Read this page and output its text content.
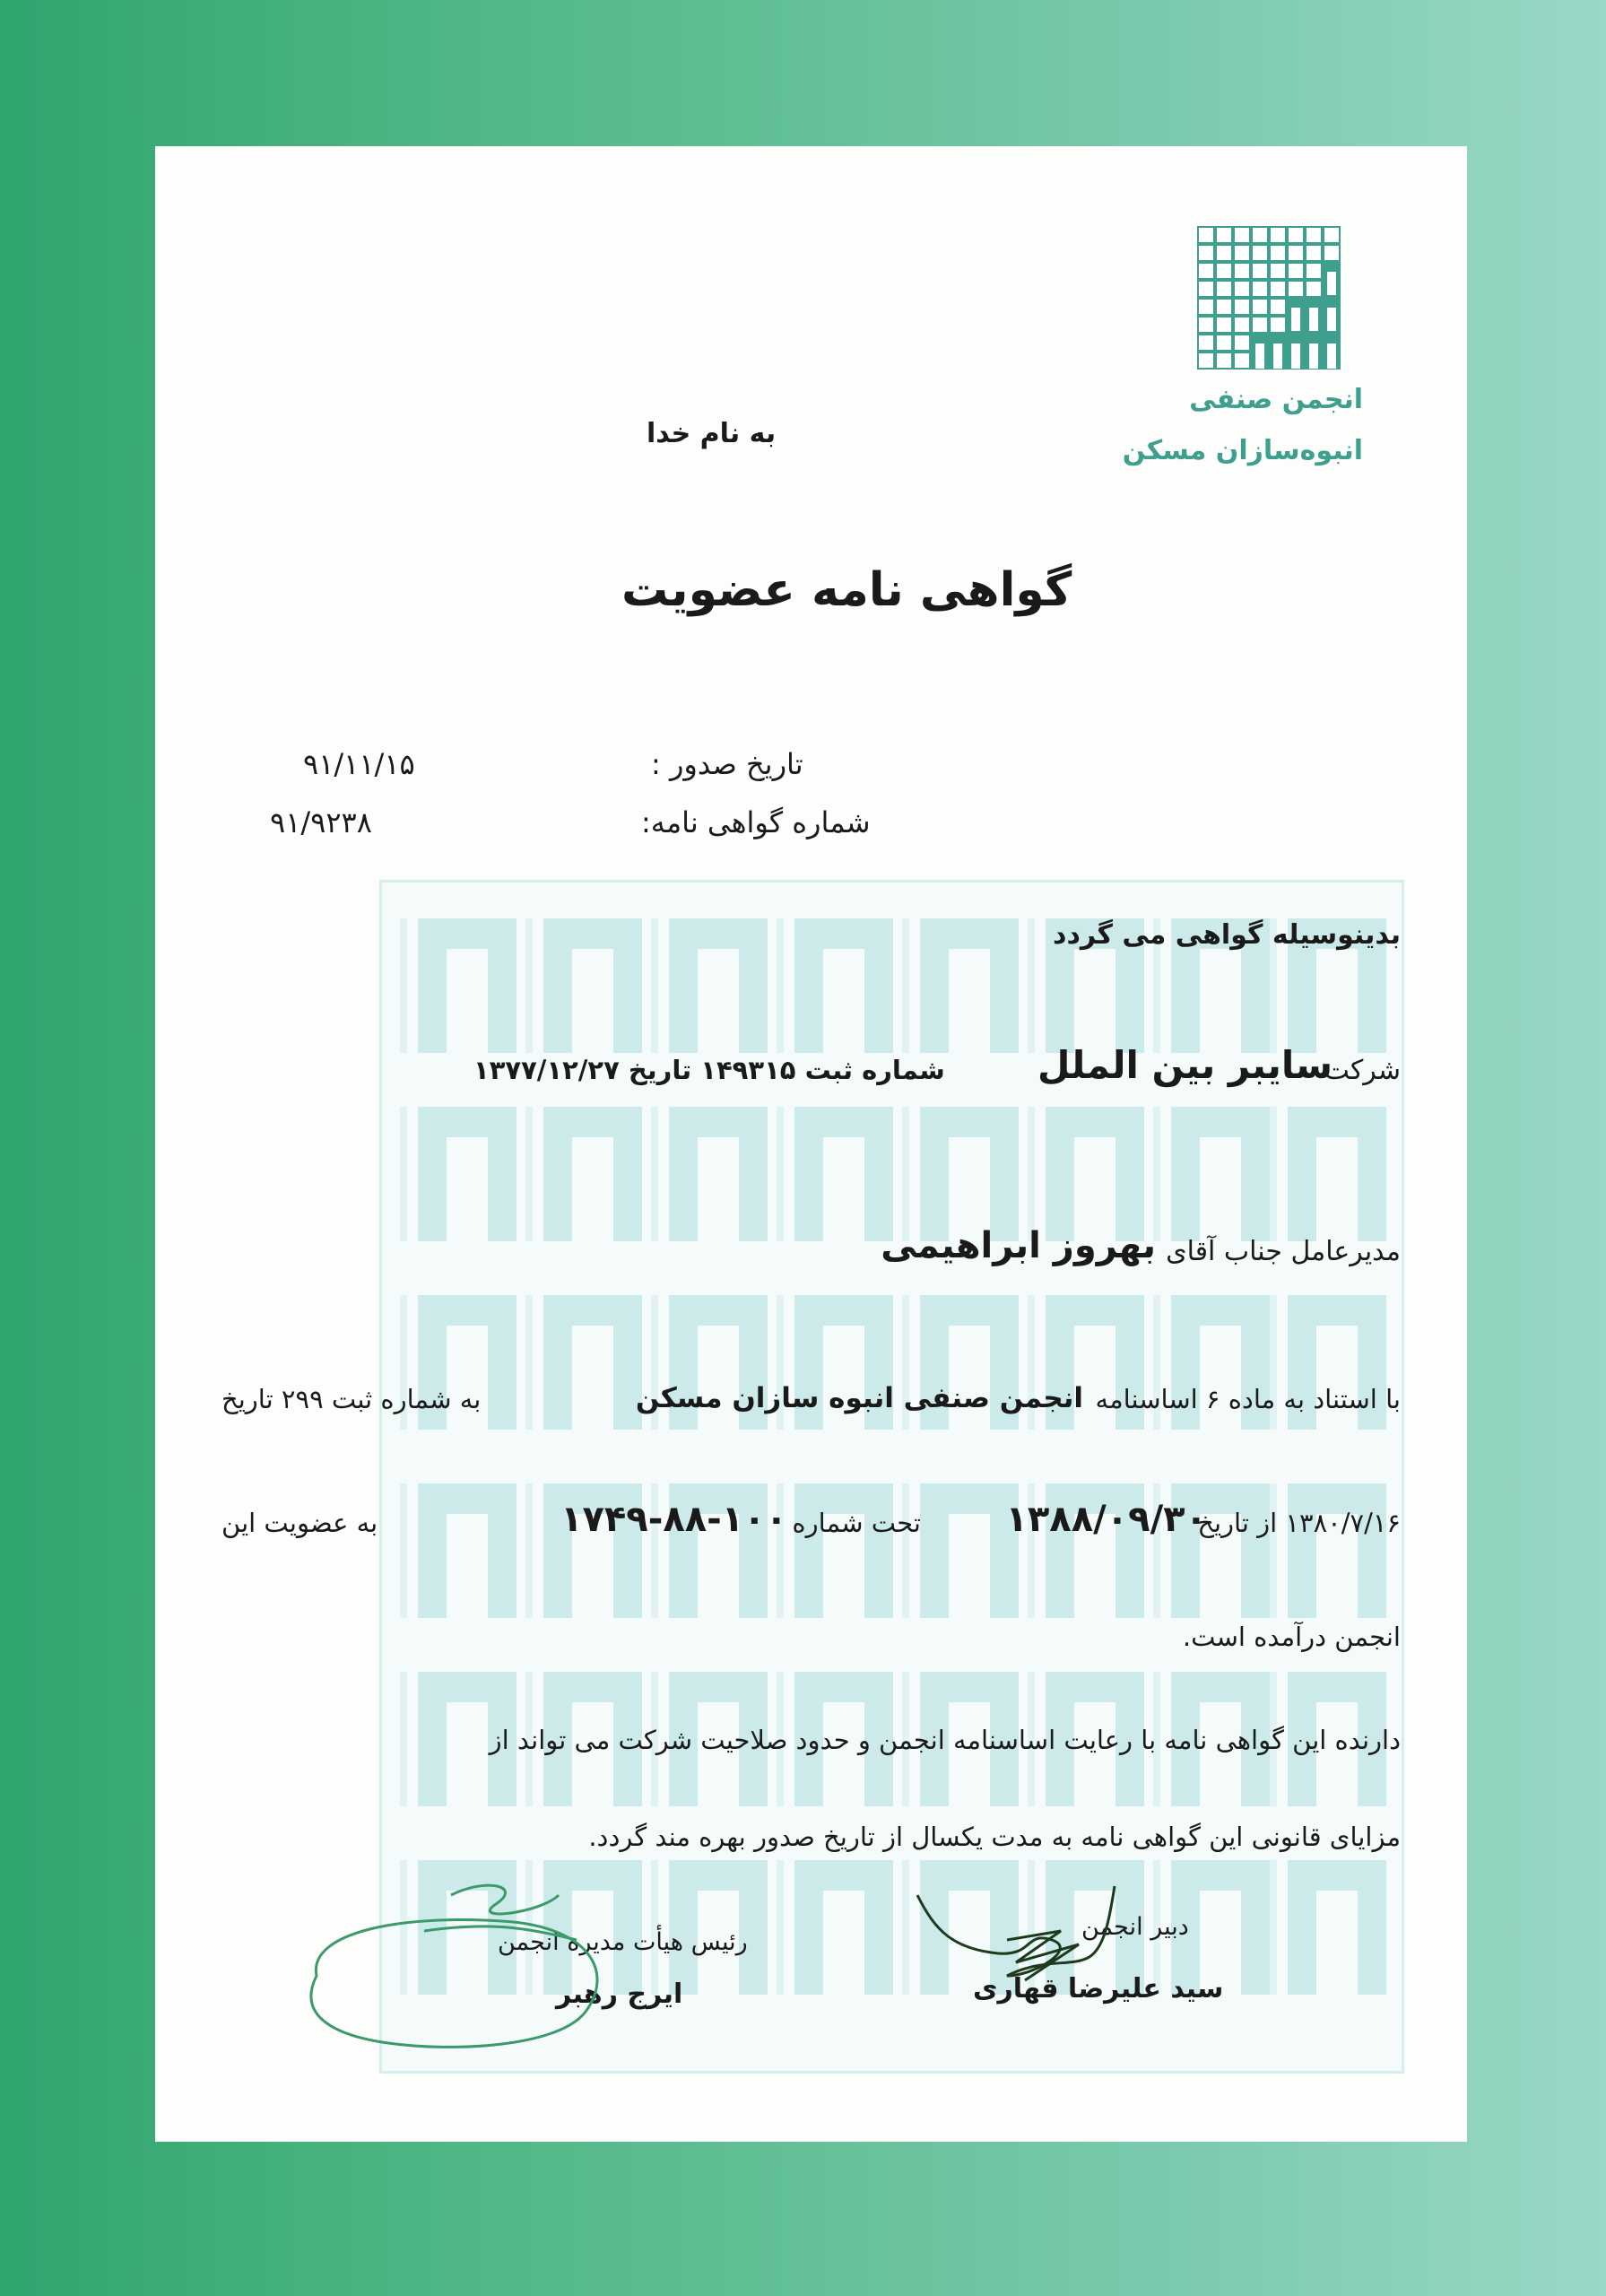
انجمن صنفی
انبوه‌سازان مسکن
به نام خدا
گواهی نامه عضویت
تاریخ صدور :
۹۱/۱۱/۱۵
شماره گواهی نامه:
۹۱/۹۲۳۸
بدینوسیله گواهی می گردد
شرکت
سایبر بین الملل
شماره ثبت ۱۴۹۳۱۵ تاریخ ۱۳۷۷/۱۲/۲۷
مدیرعامل جناب آقای
بهروز ابراهیمی
با استناد به ماده ۶ اساسنامه
انجمن صنفی انبوه سازان مسکن
به شماره ثبت ۲۹۹ تاریخ
۱۳۸۰/۷/۱۶ از تاریخ
۱۳۸۸/۰۹/۳۰
تحت شماره
۱۷۴۹-۸۸-۱۰۰
به عضویت این
انجمن درآمده است.
دارنده این گواهی نامه با رعایت اساسنامه انجمن و حدود صلاحیت شرکت می تواند از
مزایای قانونی این گواهی نامه به مدت یکسال از تاریخ صدور بهره مند گردد.
دبیر انجمن
سید علیرضا قهاری
رئیس هیأت مدیره انجمن
ایرج رهبر
